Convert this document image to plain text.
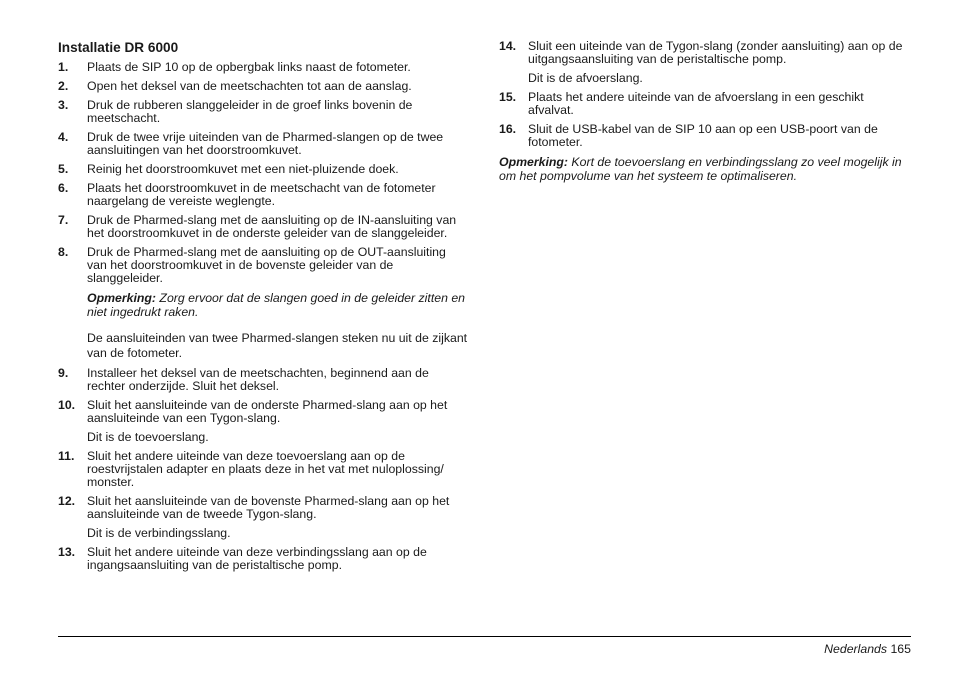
Installatie DR 6000
1.	Plaats de SIP 10 op de opbergbak links naast de fotometer.
2.	Open het deksel van de meetschachten tot aan de aanslag.
3.	Druk de rubberen slanggeleider in de groef links bovenin de meetschacht.
4.	Druk de twee vrije uiteinden van de Pharmed-slangen op de twee aansluitingen van het doorstroomkuvet.
5.	Reinig het doorstroomkuvet met een niet-pluizende doek.
6.	Plaats het doorstroomkuvet in de meetschacht van de fotometer naargelang de vereiste weglengte.
7.	Druk de Pharmed-slang met de aansluiting op de IN-aansluiting van het doorstroomkuvet in de onderste geleider van de slanggeleider.
8.	Druk de Pharmed-slang met de aansluiting op de OUT-aansluiting van het doorstroomkuvet in de bovenste geleider van de slanggeleider.
Opmerking: Zorg ervoor dat de slangen goed in de geleider zitten en niet ingedrukt raken.
De aansluiteinden van twee Pharmed-slangen steken nu uit de zijkant van de fotometer.
9.	Installeer het deksel van de meetschachten, beginnend aan de rechter onderzijde. Sluit het deksel.
10. Sluit het aansluiteinde van de onderste Pharmed-slang aan op het aansluiteinde van een Tygon-slang.
Dit is de toevoerslang.
11.	Sluit het andere uiteinde van deze toevoerslang aan op de roestvrijstalen adapter en plaats deze in het vat met nuloplossing/ monster.
12. Sluit het aansluiteinde van de bovenste Pharmed-slang aan op het aansluiteinde van de tweede Tygon-slang.
Dit is de verbindingsslang.
13. Sluit het andere uiteinde van deze verbindingsslang aan op de ingangsaansluiting van de peristaltische pomp.
14. Sluit een uiteinde van de Tygon-slang (zonder aansluiting) aan op de uitgangsaansluiting van de peristaltische pomp.
Dit is de afvoerslang.
15. Plaats het andere uiteinde van de afvoerslang in een geschikt afvalvat.
16. Sluit de USB-kabel van de SIP 10 aan op een USB-poort van de fotometer.
Opmerking: Kort de toevoerslang en verbindingsslang zo veel mogelijk in om het pompvolume van het systeem te optimaliseren.
Nederlands 165
